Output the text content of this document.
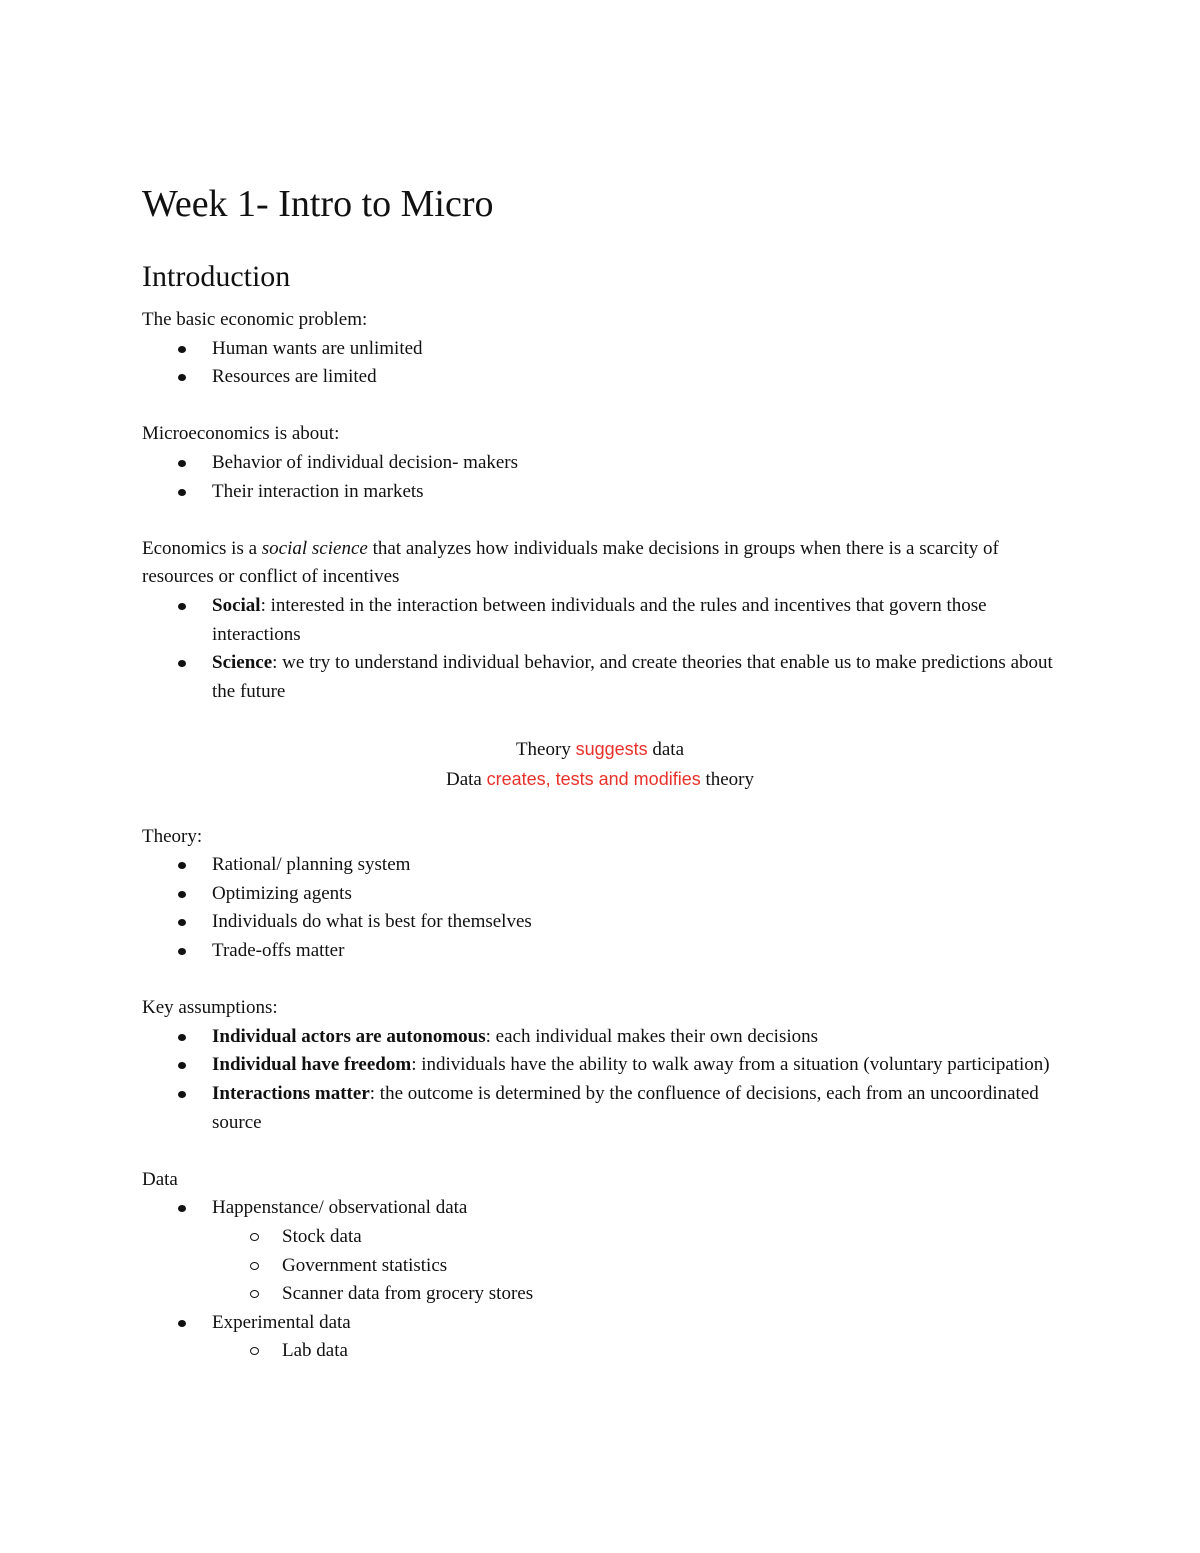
Week 1- Intro to Micro
Introduction

The basic economic problem:

Human wants are unlimited
Resources are limited

Microeconomics is about:

Behavior of individual decision- makers
Their interaction in markets

Economics is a social science that analyzes how individuals make decisions in groups when there is a scarcity of resources or conflict of incentives

Social: interested in the interaction between individuals and the rules and incentives that govern those interactions
Science: we try to understand individual behavior, and create theories that enable us to make predictions about the future

Theory suggests data

Data creates, tests and modifies theory

Theory:

Rational/ planning system
Optimizing agents
Individuals do what is best for themselves
Trade-offs matter

Key assumptions:

Individual actors are autonomous: each individual makes their own decisions
Individual have freedom: individuals have the ability to walk away from a situation (voluntary participation)
Interactions matter: the outcome is determined by the confluence of decisions, each from an uncoordinated source

Data

Happenstance/ observational data
Stock data
Government statistics
Scanner data from grocery stores
Experimental data
Lab data
